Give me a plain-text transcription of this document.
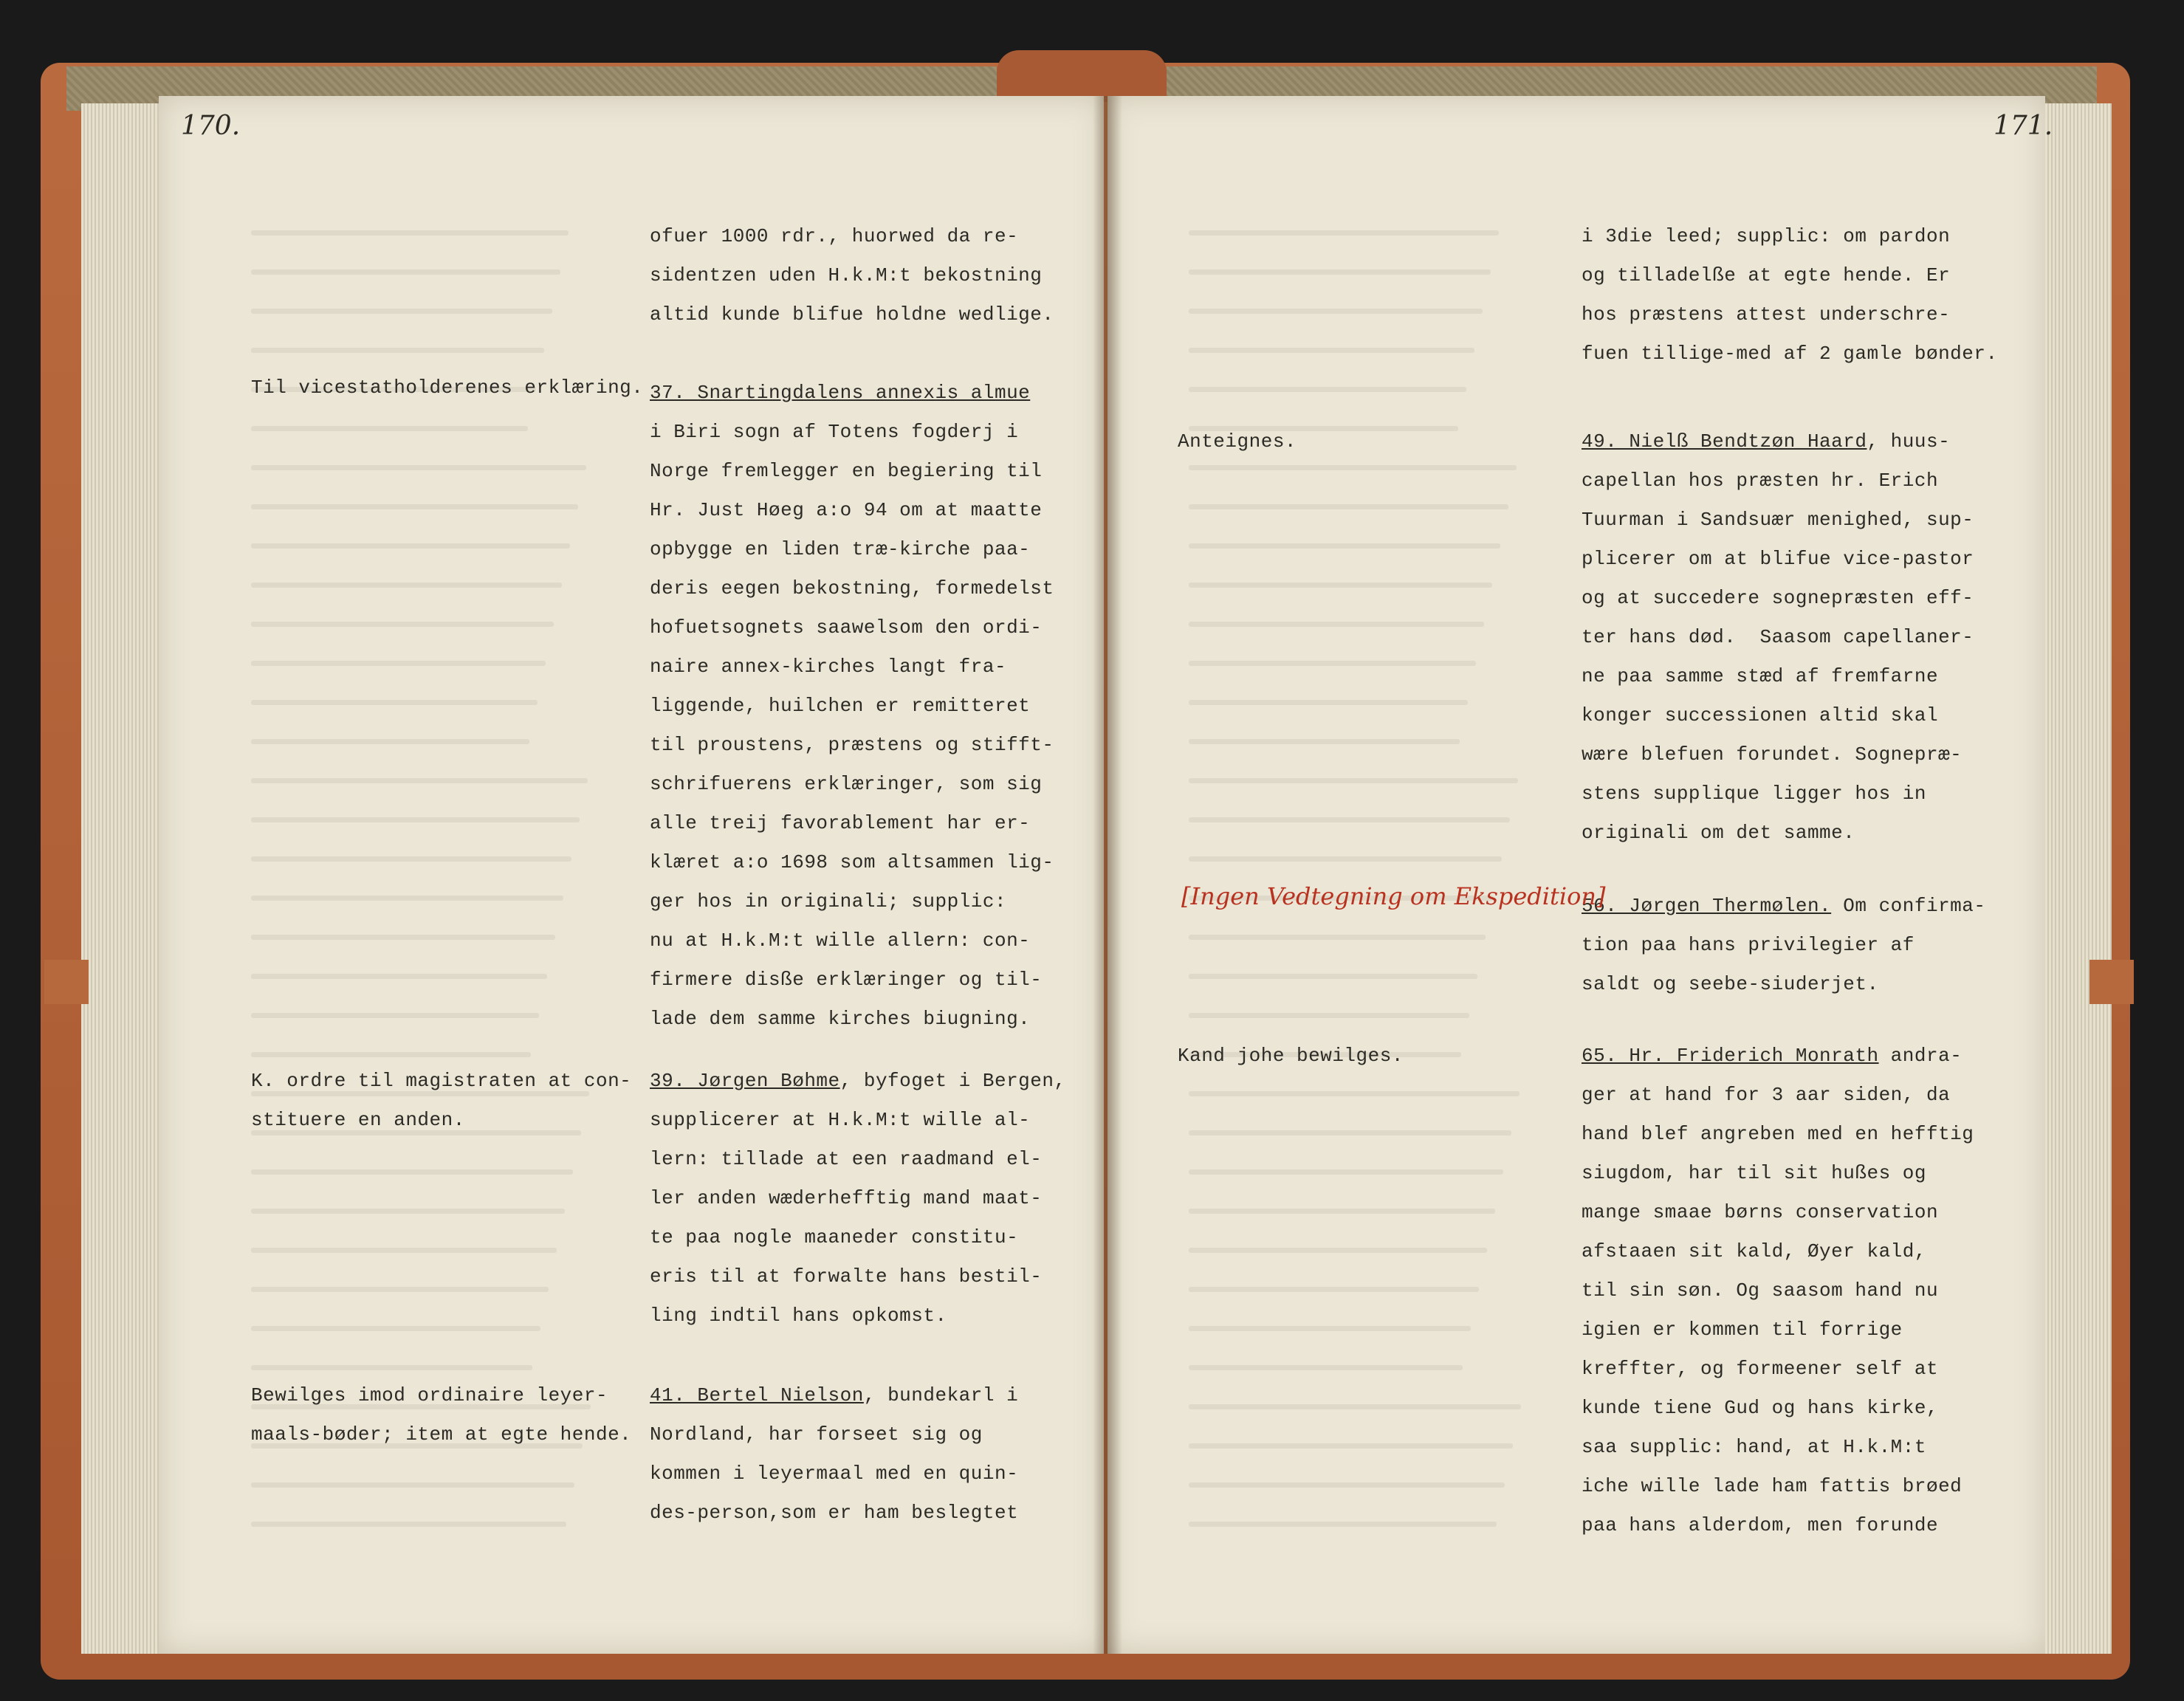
170.	171.
Til vicestatholderenes erklæring.
K. ordre til magistraten at con-
stituere en anden.
Bewilges imod ordinaire leyer-
maals-bøder; item at egte hende.
ofuer 1000 rdr., huorwed da re-
sidentzen uden H.k.M:t bekostning
altid kunde blifue holdne wedlige.
37. Snartingdalens annexis almue
i Biri sogn af Totens fogderj i
Norge fremlegger en begiering til
Hr. Just Høeg a:o 94 om at maatte
opbygge en liden træ-kirche paa-
deris eegen bekostning, formedelst
hofuetsognets saawelsom den ordi-
naire annex-kirches langt fra-
liggende, huilchen er remitteret
til proustens, præstens og stifft-
schrifuerens erklæringer, som sig
alle treij favorablement har er-
klæret a:o 1698 som altsammen lig-
ger hos in originali; supplic:
nu at H.k.M:t wille allern: con-
firmere disße erklæringer og til-
lade dem samme kirches biugning.
39. Jørgen Bøhme, byfoget i Bergen,
supplicerer at H.k.M:t wille al-
lern: tillade at een raadmand el-
ler anden wæderhefftig mand maat-
te paa nogle maaneder constitu-
eris til at forwalte hans bestil-
ling indtil hans opkomst.
41. Bertel Nielson, bundekarl i
Nordland, har forseet sig og
kommen i leyermaal med en quin-
des-person,som er ham beslegtet
Anteignes.
Kand johe bewilges.
i 3die leed; supplic: om pardon
og tilladelße at egte hende. Er
hos præstens attest underschre-
fuen tillige-med af 2 gamle bønder.
49. Nielß Bendtzøn Haard, huus-
capellan hos præsten hr. Erich
Tuurman i Sandsuær menighed, sup-
plicerer om at blifue vice-pastor
og at succedere sognepræsten eff-
ter hans død.  Saasom capellaner-
ne paa samme stæd af fremfarne
konger successionen altid skal
wære blefuen forundet. Sognepræ-
stens supplique ligger hos in
originali om det samme.
56. Jørgen Thermølen. Om confirma-
tion paa hans privilegier af
saldt og seebe-siuderjet.
65. Hr. Friderich Monrath andra-
ger at hand for 3 aar siden, da
hand blef angreben med en hefftig
siugdom, har til sit hußes og
mange smaae børns conservation
afstaaen sit kald, Øyer kald,
til sin søn. Og saasom hand nu
igien er kommen til forrige
kreffter, og formeener self at
kunde tiene Gud og hans kirke,
saa supplic: hand, at H.k.M:t
iche wille lade ham fattis brøed
paa hans alderdom, men forunde
[Ingen Vedtegning om Ekspedition]
